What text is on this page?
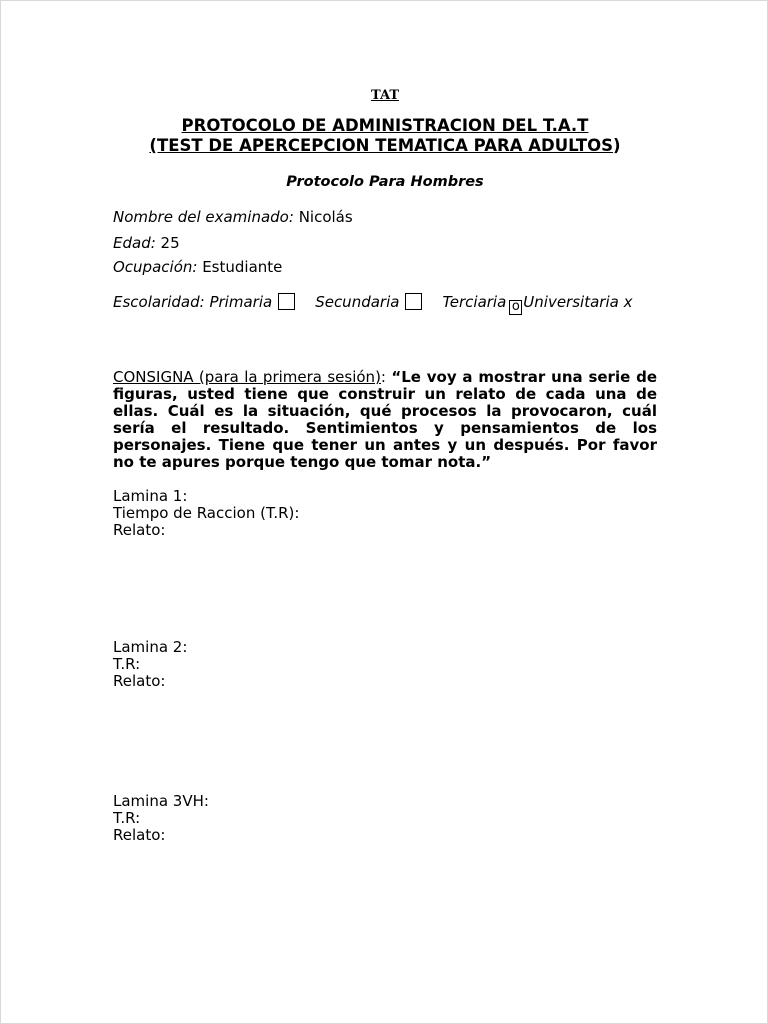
TAT
PROTOCOLO DE ADMINISTRACION DEL T.A.T
(TEST DE APERCEPCION TEMATICA PARA ADULTOS)
Protocolo Para Hombres
Nombre del examinado: Nicolás
Edad: 25
Ocupación: Estudiante
Escolaridad: Primaria	Secundaria	Terciaria o Universitaria x
CONSIGNA (para la primera sesión): “Le voy a mostrar una serie de figuras, usted tiene que construir un relato de cada una de ellas. Cuál es la situación, qué procesos la provocaron, cuál sería el resultado. Sentimientos y pensamientos de los personajes. Tiene que tener un antes y un después. Por favor no te apures porque tengo que tomar nota.”
Lamina 1:
Tiempo de Raccion (T.R):
Relato:
Lamina 2:
T.R:
Relato:
Lamina 3VH:
T.R:
Relato:
